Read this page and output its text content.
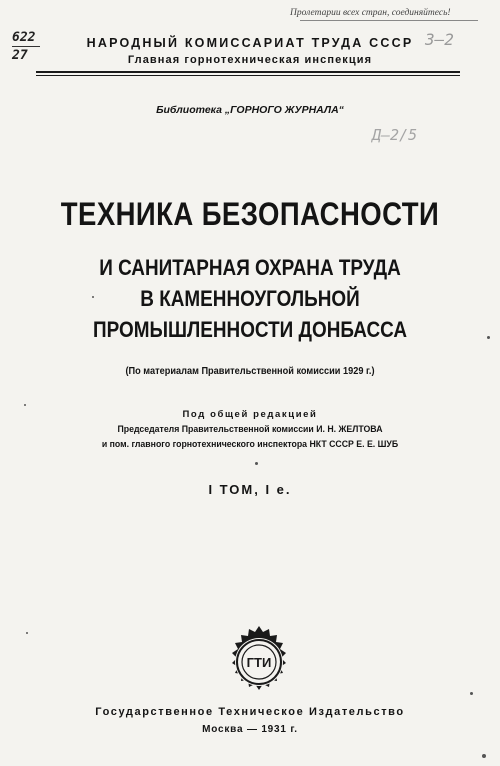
Пролетарии всех стран, соединяйтесь!
622
27
3–2
Д–2/5
НАРОДНЫЙ КОМИССАРИАТ ТРУДА СССР
Главная горнотехническая инспекция
Библиотека „ГОРНОГО ЖУРНАЛА“
ТЕХНИКА БЕЗОПАСНОСТИ
И САНИТАРНАЯ ОХРАНА ТРУДА
В КАМЕННОУГОЛЬНОЙ
ПРОМЫШЛЕННОСТИ ДОНБАССА
(По материалам Правительственной комиссии 1929 г.)
Под общей редакцией
Председателя Правительственной комиссии И. Н. ЖЕЛТОВА
и пом. главного горнотехнического инспектора НКТ СССР Е. Е. ШУБ
I ТОМ, I е.
ГТИ
Государственное Техническое Издательство
Москва — 1931 г.
